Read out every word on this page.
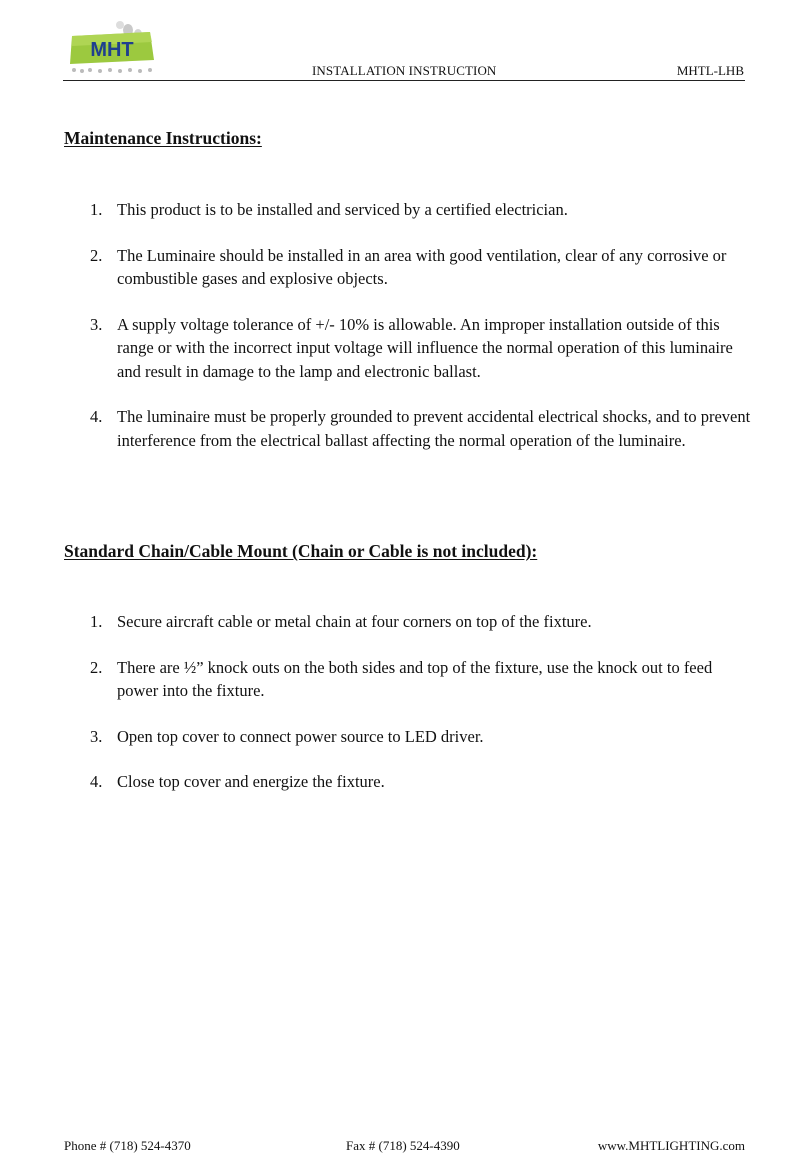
MHT
INSTALLATION INSTRUCTION	MHTL-LHB
Maintenance Instructions:
1. This product is to be installed and serviced by a certified electrician.
2. The Luminaire should be installed in an area with good ventilation, clear of any corrosive or combustible gases and explosive objects.
3. A supply voltage tolerance of +/- 10% is allowable. An improper installation outside of this range or with the incorrect input voltage will influence the normal operation of this luminaire and result in damage to the lamp and electronic ballast.
4. The luminaire must be properly grounded to prevent accidental electrical shocks, and to prevent interference from the electrical ballast affecting the normal operation of the luminaire.
Standard Chain/Cable Mount (Chain or Cable is not included):
1. Secure aircraft cable or metal chain at four corners on top of the fixture.
2. There are ½” knock outs on the both sides and top of the fixture, use the knock out to feed power into the fixture.
3. Open top cover to connect power source to LED driver.
4. Close top cover and energize the fixture.
Phone # (718) 524-4370	Fax # (718) 524-4390	www.MHTLIGHTING.com
